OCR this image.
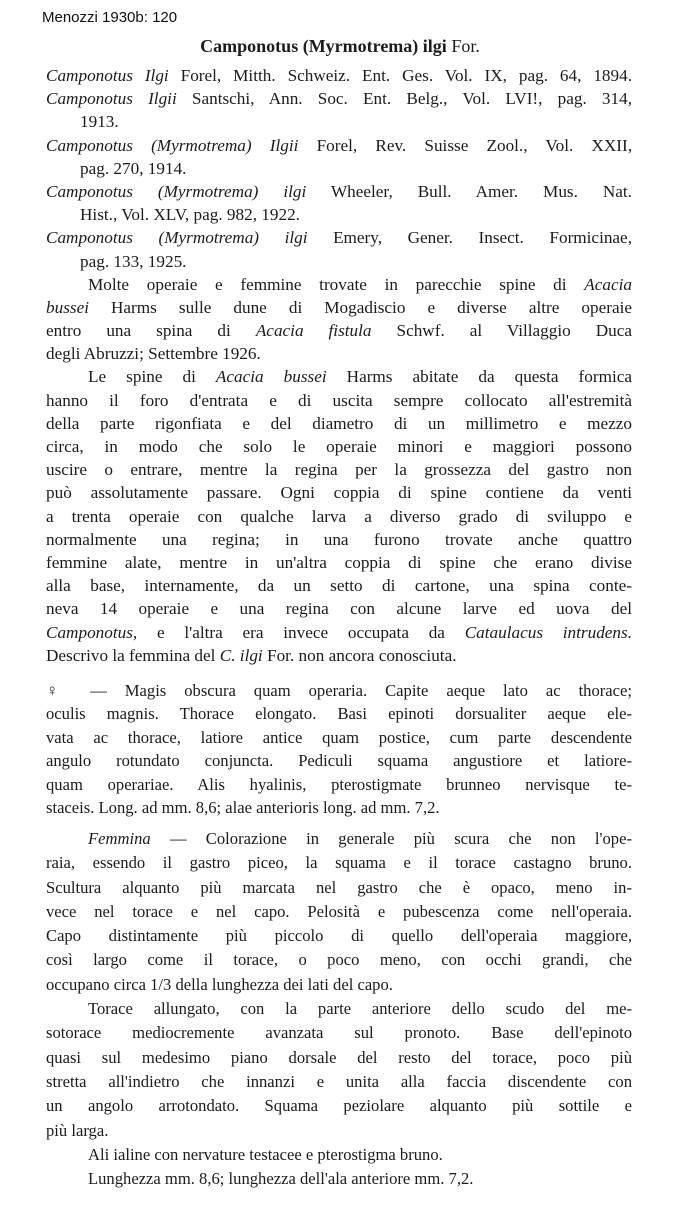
Menozzi 1930b: 120
Camponotus (Myrmotrema) ilgi For.
Camponotus Ilgi Forel, Mitth. Schweiz. Ent. Ges. Vol. IX, pag. 64, 1894.
Camponotus Ilgii Santschi, Ann. Soc. Ent. Belg., Vol. LVI!, pag. 314,
1913.
Camponotus (Myrmotrema) Ilgii Forel, Rev. Suisse Zool., Vol. XXII,
pag. 270, 1914.
Camponotus (Myrmotrema) ilgi Wheeler, Bull. Amer. Mus. Nat.
Hist., Vol. XLV, pag. 982, 1922.
Camponotus (Myrmotrema) ilgi Emery, Gener. Insect. Formicinae,
pag. 133, 1925.
Molte operaie e femmine trovate in parecchie spine di Acacia
bussei Harms sulle dune di Mogadiscio e diverse altre operaie
entro una spina di Acacia fistula Schwf. al Villaggio Duca
degli Abruzzi; Settembre 1926.
Le spine di Acacia bussei Harms abitate da questa formica
hanno il foro d'entrata e di uscita sempre collocato all'estremità
della parte rigonfiata e del diametro di un millimetro e mezzo
circa, in modo che solo le operaie minori e maggiori possono
uscire o entrare, mentre la regina per la grossezza del gastro non
può assolutamente passare. Ogni coppia di spine contiene da venti
a trenta operaie con qualche larva a diverso grado di sviluppo e
normalmente una regina; in una furono trovate anche quattro
femmine alate, mentre in un'altra coppia di spine che erano divise
alla base, internamente, da un setto di cartone, una spina conte-
neva 14 operaie e una regina con alcune larve ed uova del
Camponotus, e l'altra era invece occupata da Cataulacus intrudens.
Descrivo la femmina del C. ilgi For. non ancora conosciuta.
♀ — Magis obscura quam operaria. Capite aeque lato ac thorace;
oculis magnis. Thorace elongato. Basi epinoti dorsualiter aeque ele-
vata ac thorace, latiore antice quam postice, cum parte descendente
angulo rotundato conjuncta. Pediculi squama angustiore et latiore-
quam operariae. Alis hyalinis, pterostigmate brunneo nervisque te-
staceis. Long. ad mm. 8,6; alae anterioris long. ad mm. 7,2.
Femmina — Colorazione in generale più scura che non l'ope-
raia, essendo il gastro piceo, la squama e il torace castagno bruno.
Scultura alquanto più marcata nel gastro che è opaco, meno in-
vece nel torace e nel capo. Pelosità e pubescenza come nell'operaia.
Capo distintamente più piccolo di quello dell'operaia maggiore,
così largo come il torace, o poco meno, con occhi grandi, che
occupano circa 1/3 della lunghezza dei lati del capo.
Torace allungato, con la parte anteriore dello scudo del me-
sotorace mediocremente avanzata sul pronoto. Base dell'epinoto
quasi sul medesimo piano dorsale del resto del torace, poco più
stretta all'indietro che innanzi e unita alla faccia discendente con
un angolo arrotondato. Squama peziolare alquanto più sottile e
più larga.
Ali ialine con nervature testacee e pterostigma bruno.
Lunghezza mm. 8,6; lunghezza dell'ala anteriore mm. 7,2.
